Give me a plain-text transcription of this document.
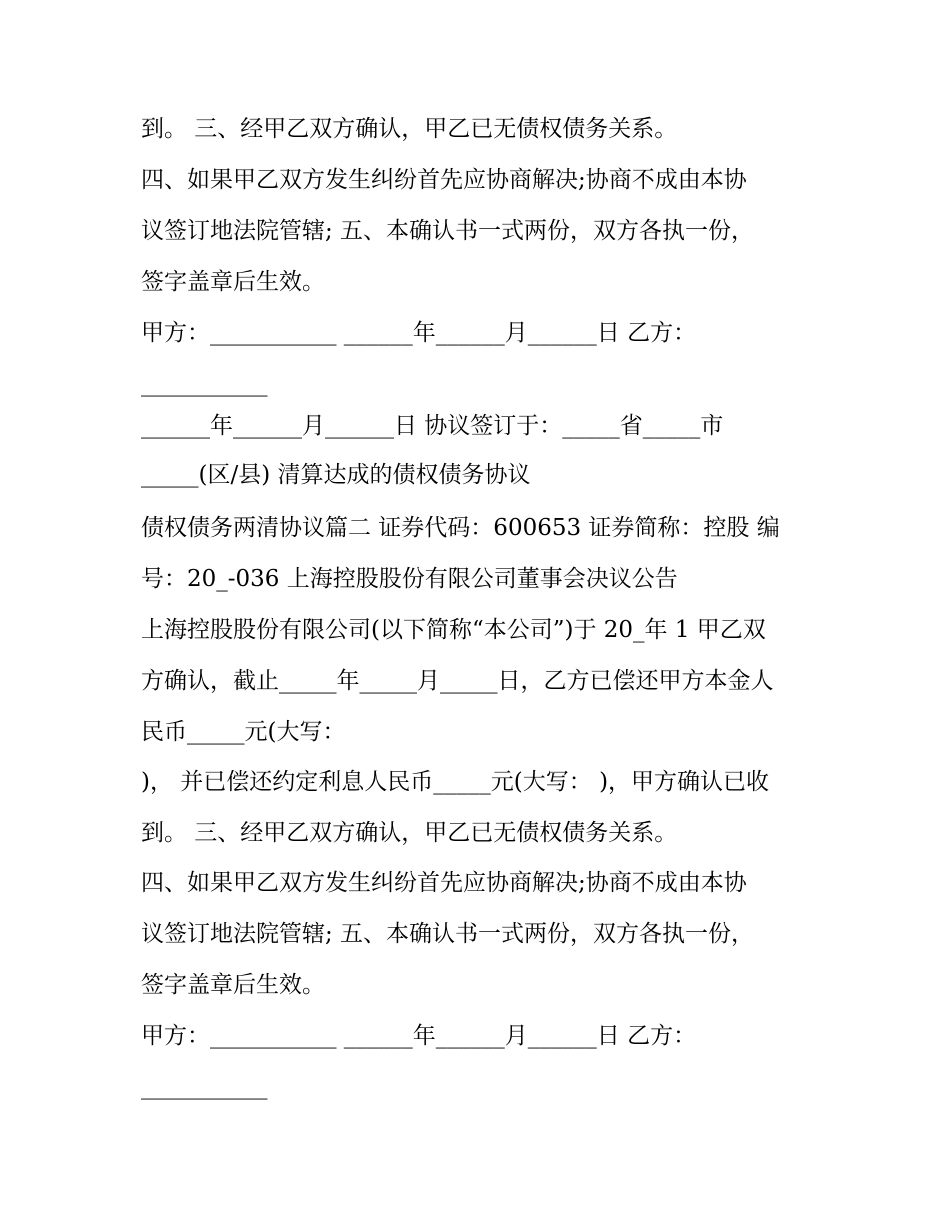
到。 三、经甲乙双方确认，甲乙已无债权债务关系。
四、如果甲乙双方发生纠纷首先应协商解决;协商不成由本协
议签订地法院管辖; 五、本确认书一式两份，双方各执一份，
签字盖章后生效。
甲方：___________ ______年______月______日 乙方：
___________
______年______月______日 协议签订于：_____省_____市
_____(区/县) 清算达成的债权债务协议
债权债务两清协议篇二 证券代码：600653 证券简称：控股 编
号：20_-036 上海控股股份有限公司董事会决议公告
上海控股股份有限公司(以下简称“本公司”)于 20_年 1 甲乙双
方确认，截止_____年_____月_____日，乙方已偿还甲方本金人
民币_____元(大写：
)， 并已偿还约定利息人民币_____元(大写： )，甲方确认已收
到。 三、经甲乙双方确认，甲乙已无债权债务关系。
四、如果甲乙双方发生纠纷首先应协商解决;协商不成由本协
议签订地法院管辖; 五、本确认书一式两份，双方各执一份，
签字盖章后生效。
甲方：___________ ______年______月______日 乙方：
___________
